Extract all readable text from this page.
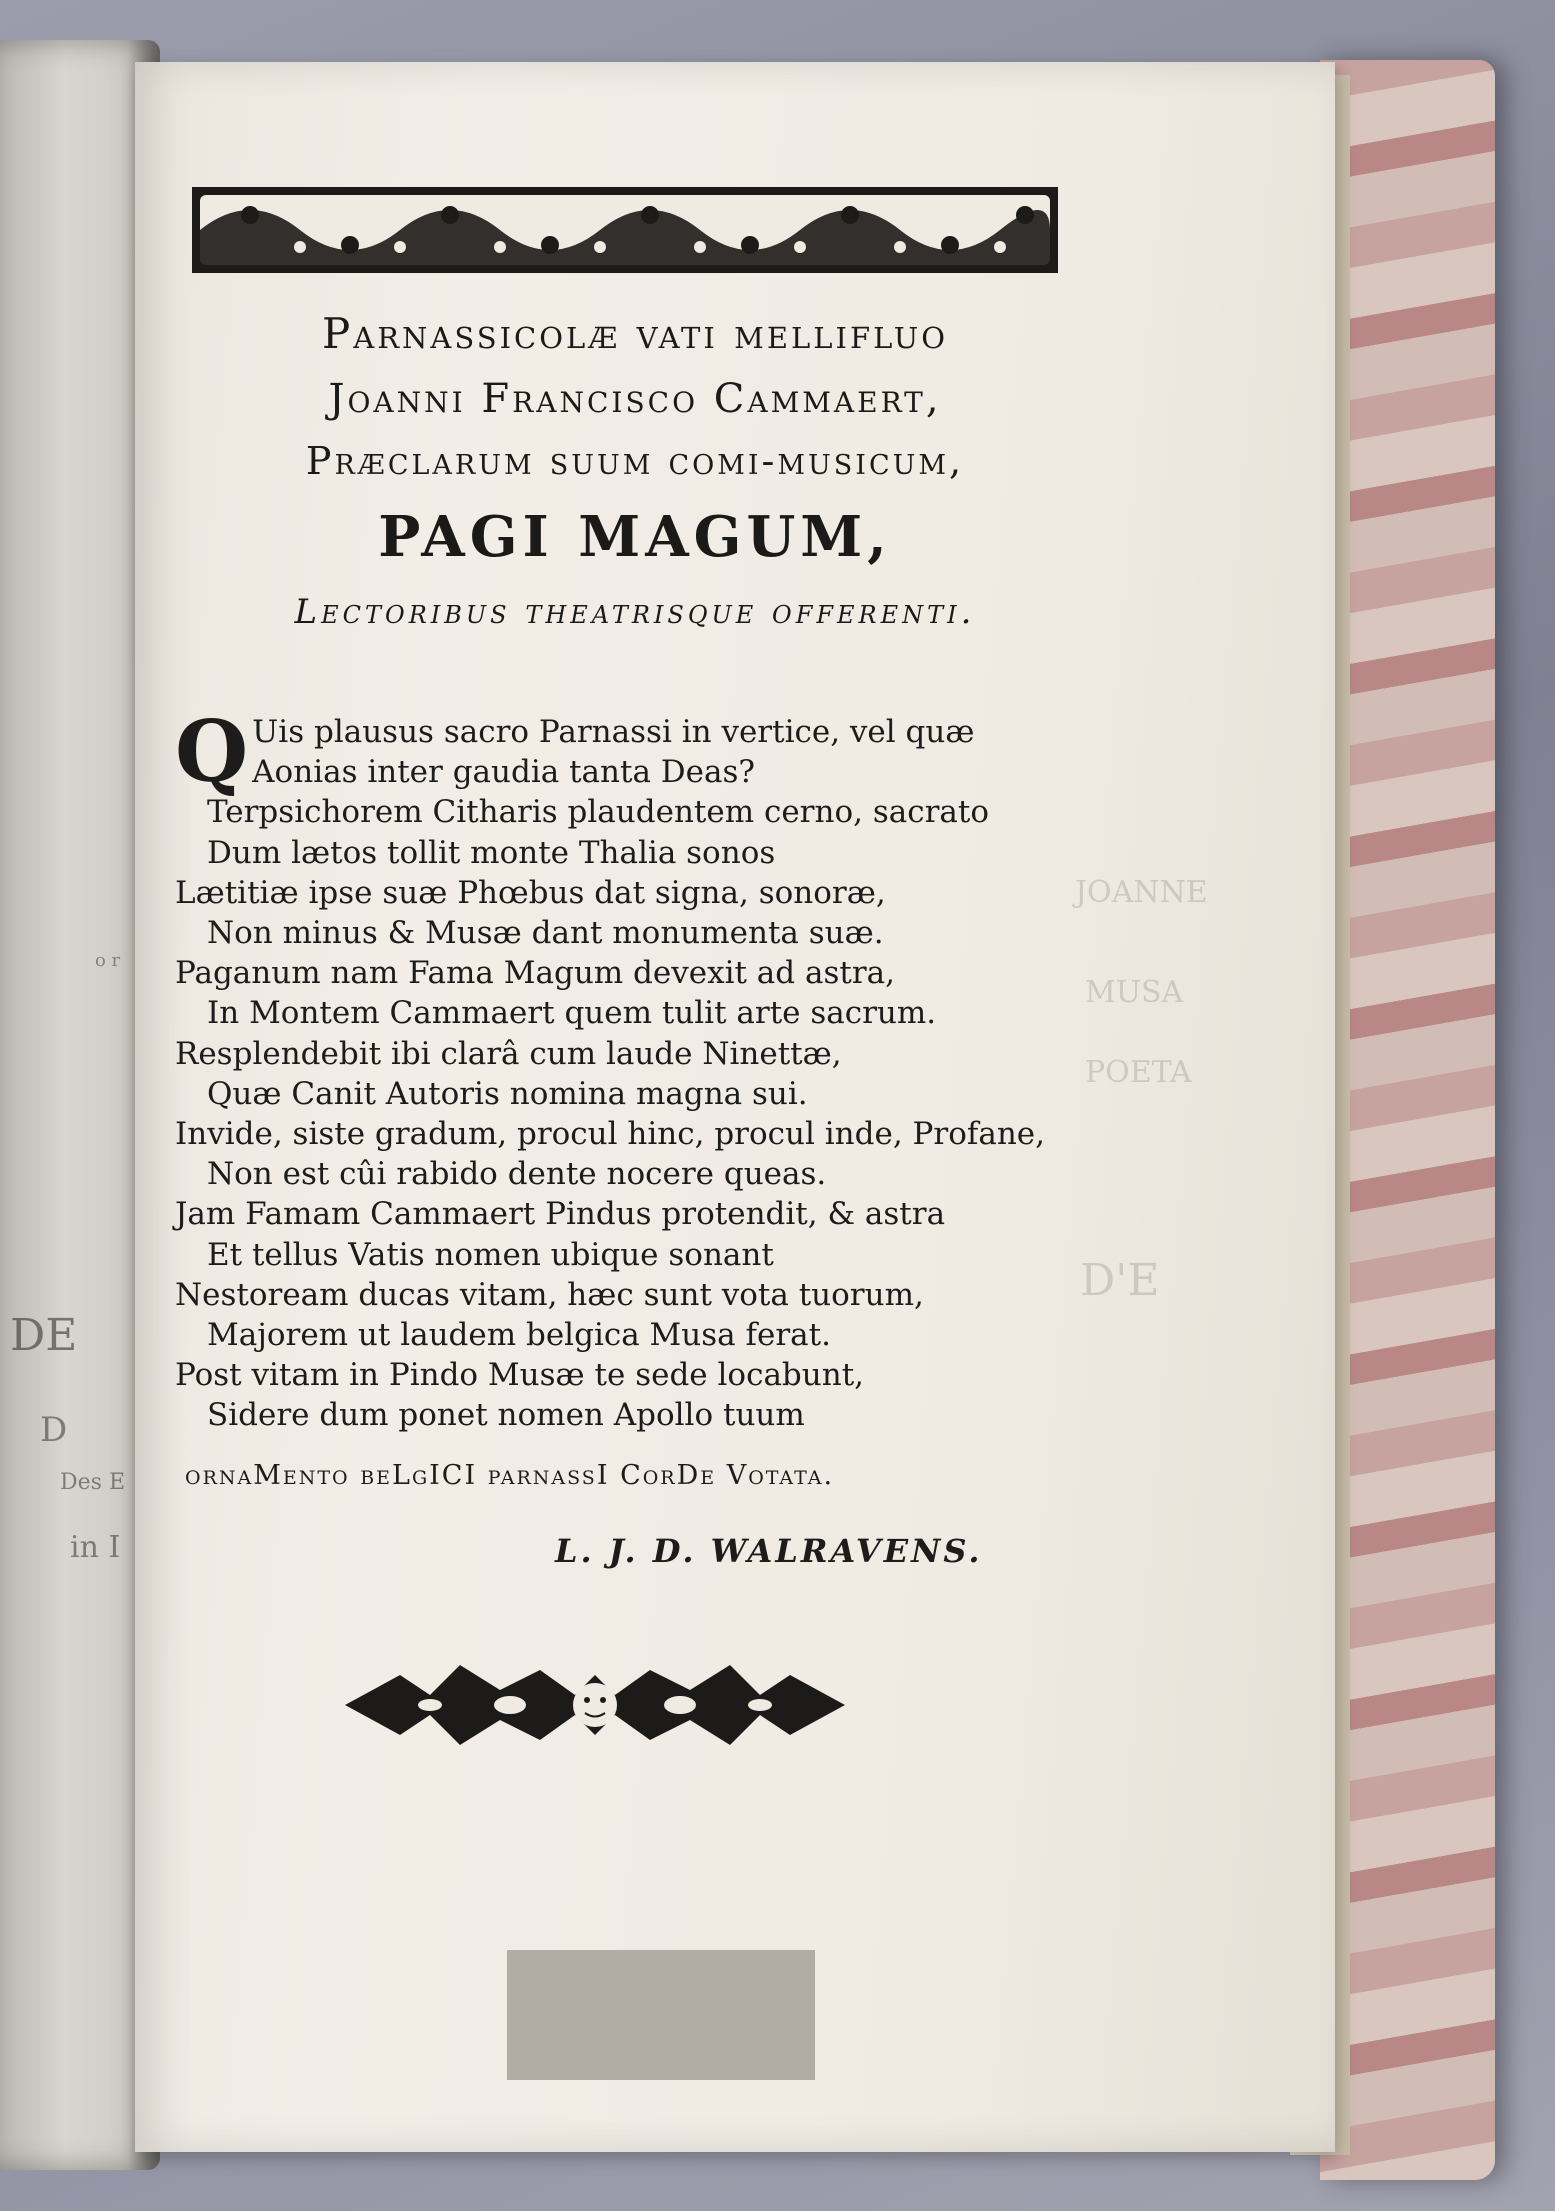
JOANNE
MUSA
POETA
D'E
DE
D
Des E
in I
o r

Parnassicolæ vati mellifluo

Joanni Francisco Cammaert,

Præclarum suum comi-musicum,

PAGI MAGUM,

Lectoribus theatrisque offerenti.

Q Uis plausus sacro Parnassi in vertice, vel quæ
Aonias inter gaudia tanta Deas?
Terpsichorem Citharis plaudentem cerno, sacrato
Dum lætos tollit monte Thalia sonos
Lætitiæ ipse suæ Phœbus dat signa, sonoræ,
Non minus & Musæ dant monumenta suæ.
Paganum nam Fama Magum devexit ad astra,
In Montem Cammaert quem tulit arte sacrum.
Resplendebit ibi clarâ cum laude Ninettæ,
Quæ Canit Autoris nomina magna sui.
Invide, siste gradum, procul hinc, procul inde, Profane,
Non est cûi rabido dente nocere queas.
Jam Famam Cammaert Pindus protendit, & astra
Et tellus Vatis nomen ubique sonant
Nestoream ducas vitam, hæc sunt vota tuorum,
Majorem ut laudem belgica Musa ferat.
Post vitam in Pindo Musæ te sede locabunt,
Sidere dum ponet nomen Apollo tuum
ornaMento beLgICI parnassI CorDe Votata.
L. J. D. WALRAVENS.
